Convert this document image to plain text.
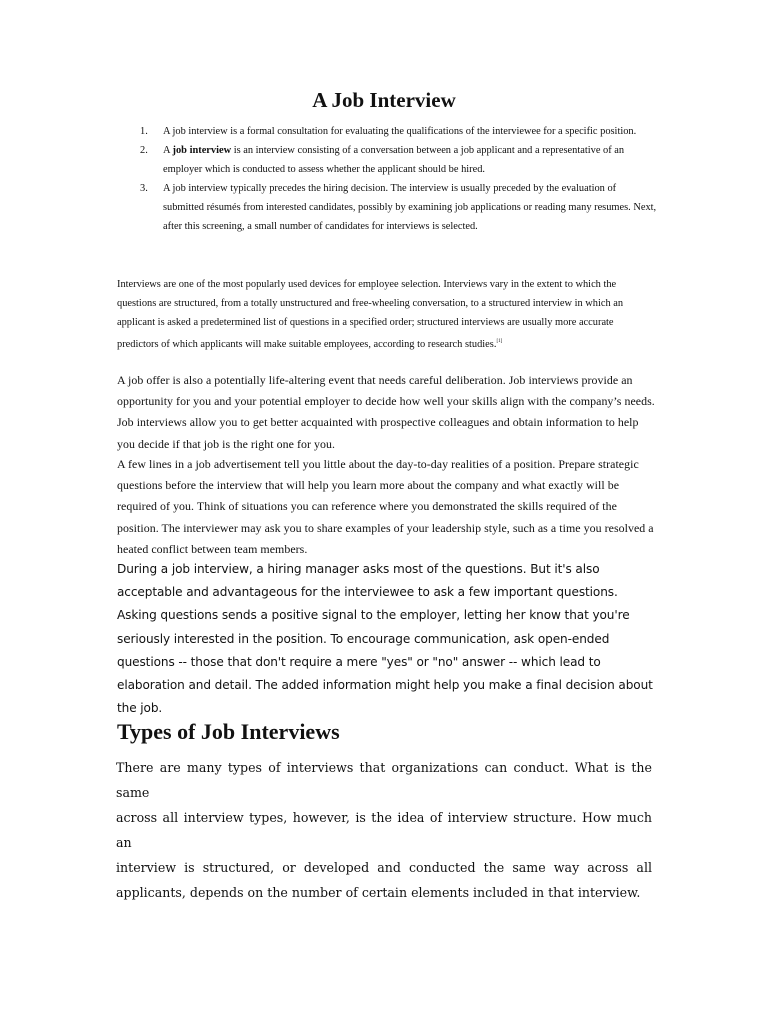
A Job Interview
1. A job interview is a formal consultation for evaluating the qualifications of the interviewee for a specific position.
2. A job interview is an interview consisting of a conversation between a job applicant and a representative of an employer which is conducted to assess whether the applicant should be hired.
3. A job interview typically precedes the hiring decision. The interview is usually preceded by the evaluation of submitted résumés from interested candidates, possibly by examining job applications or reading many resumes. Next, after this screening, a small number of candidates for interviews is selected.

Interviews are one of the most popularly used devices for employee selection. Interviews vary in the extent to which the questions are structured, from a totally unstructured and free-wheeling conversation, to a structured interview in which an applicant is asked a predetermined list of questions in a specified order; structured interviews are usually more accurate predictors of which applicants will make suitable employees, according to research studies.[1]

A job offer is also a potentially life-altering event that needs careful deliberation. Job interviews provide an opportunity for you and your potential employer to decide how well your skills align with the company’s needs. Job interviews allow you to get better acquainted with prospective colleagues and obtain information to help you decide if that job is the right one for you.

A few lines in a job advertisement tell you little about the day-to-day realities of a position. Prepare strategic questions before the interview that will help you learn more about the company and what exactly will be required of you. Think of situations you can reference where you demonstrated the skills required of the position. The interviewer may ask you to share examples of your leadership style, such as a time you resolved a heated conflict between team members.

During a job interview, a hiring manager asks most of the questions. But it's also acceptable and advantageous for the interviewee to ask a few important questions. Asking questions sends a positive signal to the employer, letting her know that you're seriously interested in the position. To encourage communication, ask open-ended questions -- those that don't require a mere "yes" or "no" answer -- which lead to elaboration and detail. The added information might help you make a final decision about the job.

Types of Job Interviews
There are many types of interviews that organizations can conduct. What is the same
across all interview types, however, is the idea of interview structure. How much an
interview is structured, or developed and conducted the same way across all
applicants, depends on the number of certain elements included in that interview.
